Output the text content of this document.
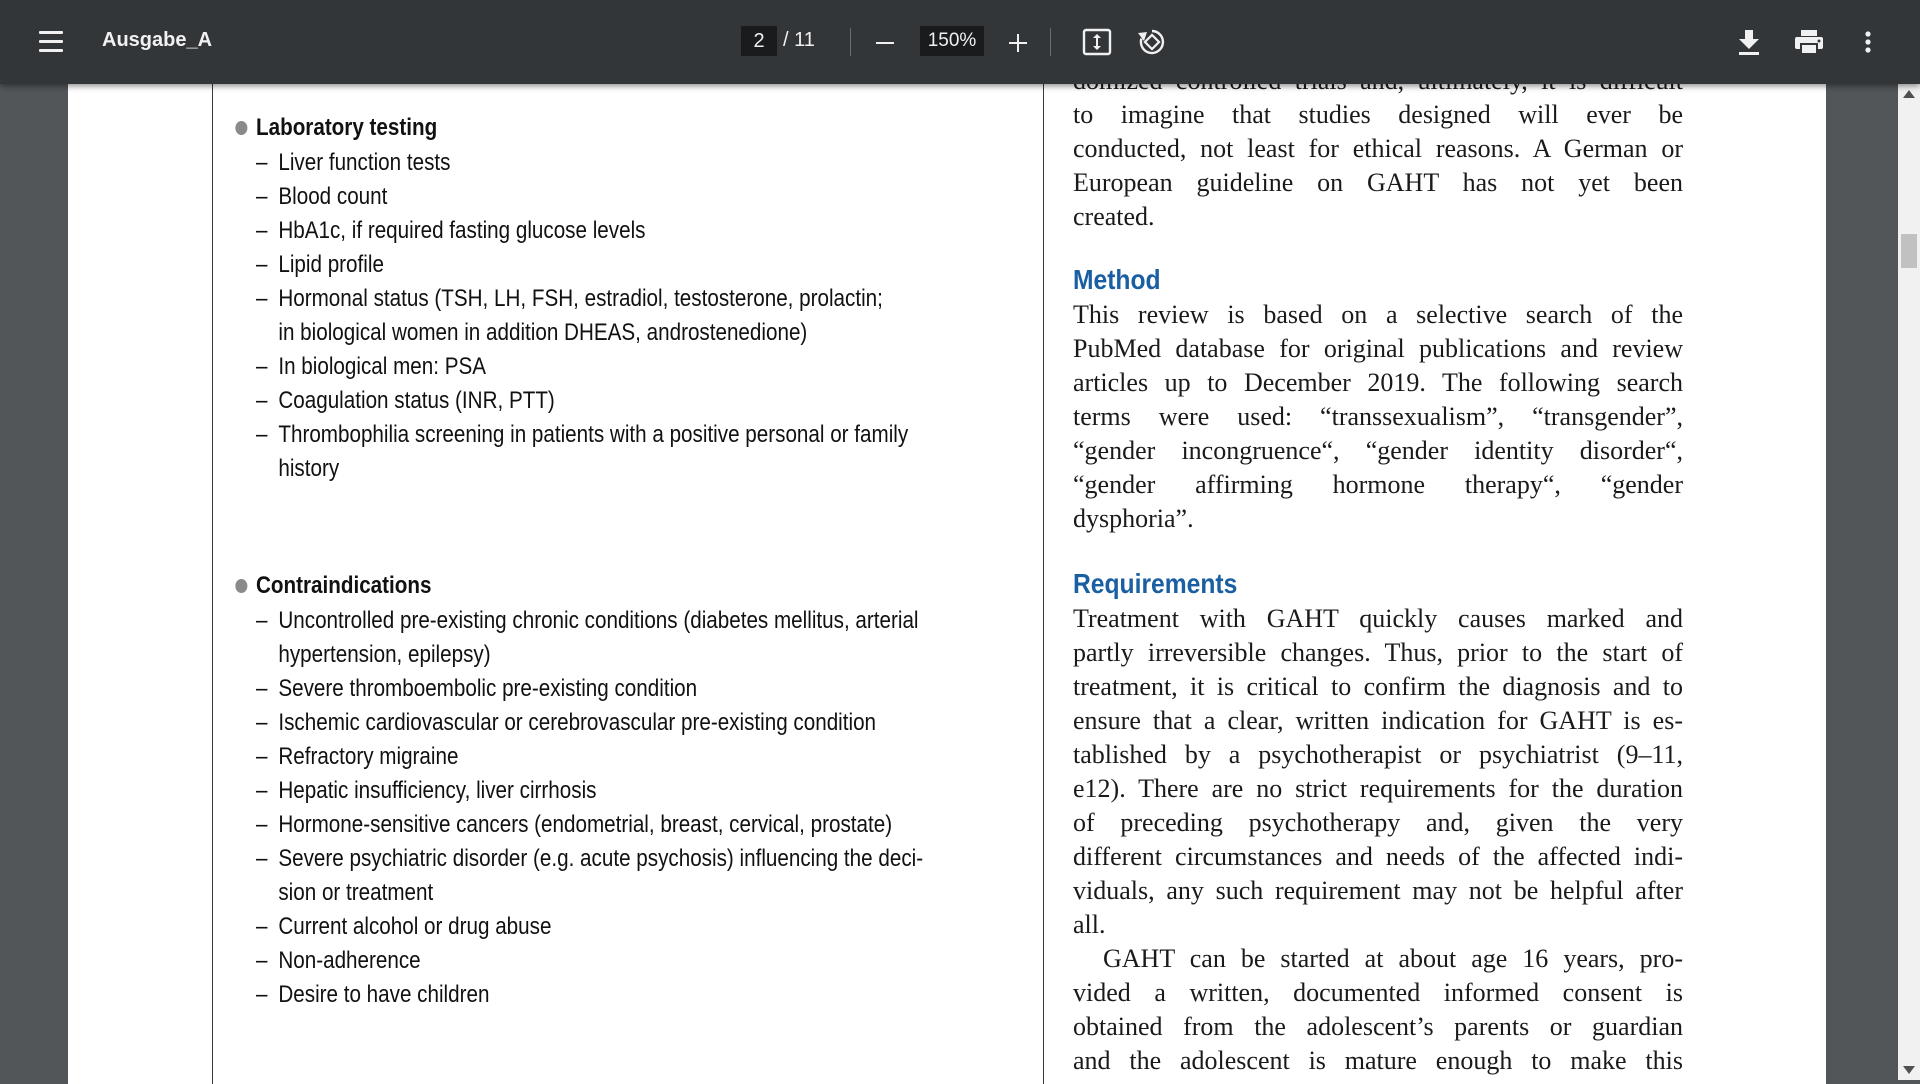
Ausgabe_A	2 / 11	150%
Laboratory testing
– Liver function tests
– Blood count
– HbA1c, if required fasting glucose levels
– Lipid profile
– Hormonal status (TSH, LH, FSH, estradiol, testosterone, prolactin;
in biological women in addition DHEAS, androstenedione)
– In biological men: PSA
– Coagulation status (INR, PTT)
– Thrombophilia screening in patients with a positive personal or family
history
Contraindications
– Uncontrolled pre-existing chronic conditions (diabetes mellitus, arterial
hypertension, epilepsy)
– Severe thromboembolic pre-existing condition
– Ischemic cardiovascular or cerebrovascular pre-existing condition
– Refractory migraine
– Hepatic insufficiency, liver cirrhosis
– Hormone-sensitive cancers (endometrial, breast, cervical, prostate)
– Severe psychiatric disorder (e.g. acute psychosis) influencing the deci-
sion or treatment
– Current alcohol or drug abuse
– Non-adherence
– Desire to have children
to imagine that studies designed will ever be
conducted, not least for ethical reasons. A German or
European guideline on GAHT has not yet been
created.
Method
This review is based on a selective search of the
PubMed database for original publications and review
articles up to December 2019. The following search
terms were used: “transsexualism”, “transgender”,
“gender incongruence“, “gender identity disorder“,
“gender affirming hormone therapy“, “gender
dysphoria”.
Requirements
Treatment with GAHT quickly causes marked and
partly irreversible changes. Thus, prior to the start of
treatment, it is critical to confirm the diagnosis and to
ensure that a clear, written indication for GAHT is es-
tablished by a psychotherapist or psychiatrist (9–11,
e12). There are no strict requirements for the duration
of preceding psychotherapy and, given the very
different circumstances and needs of the affected indi-
viduals, any such requirement may not be helpful after
all.
GAHT can be started at about age 16 years, pro-
vided a written, documented informed consent is
obtained from the adolescent’s parents or guardian
and the adolescent is mature enough to make this
